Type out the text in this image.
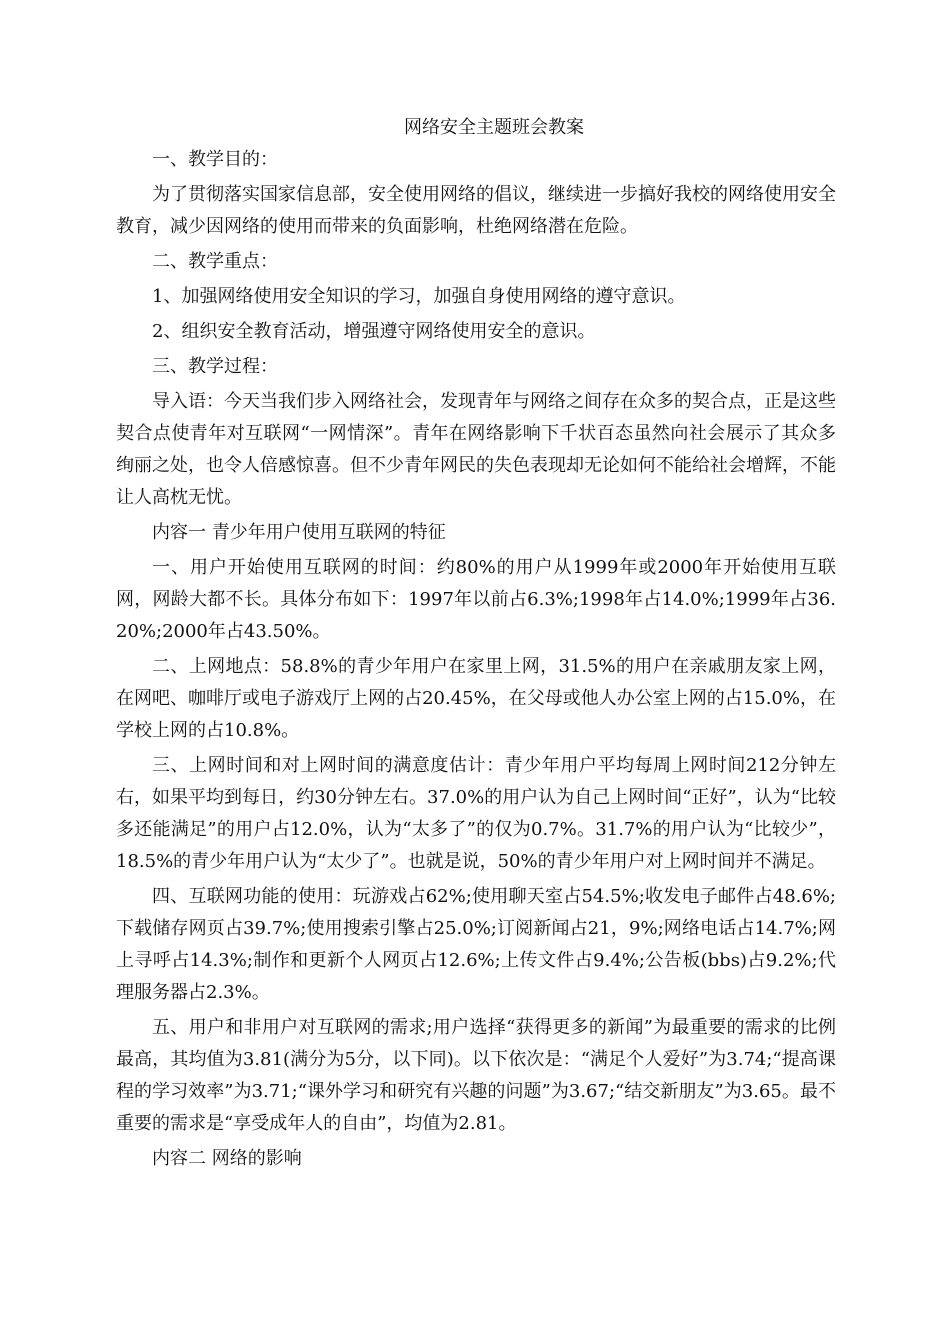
网络安全主题班会教案

一、教学目的：

为了贯彻落实国家信息部，安全使用网络的倡议，继续进一步搞好我校的网络使用安全教育，减少因网络的使用而带来的负面影响，杜绝网络潜在危险。

二、教学重点：

1、加强网络使用安全知识的学习，加强自身使用网络的遵守意识。

2、组织安全教育活动，增强遵守网络使用安全的意识。

三、教学过程：

导入语：今天当我们步入网络社会，发现青年与网络之间存在众多的契合点，正是这些契合点使青年对互联网“一网情深”。青年在网络影响下千状百态虽然向社会展示了其众多绚丽之处，也令人倍感惊喜。但不少青年网民的失色表现却无论如何不能给社会增辉，不能让人高枕无忧。

内容一 青少年用户使用互联网的特征

一、用户开始使用互联网的时间：约80%的用户从1999年或2000年开始使用互联网，网龄大都不长。具体分布如下：1997年以前占6.3%;1998年占14.0%;1999年占36.20%;2000年占43.50%。

二、上网地点：58.8%的青少年用户在家里上网，31.5%的用户在亲戚朋友家上网，在网吧、咖啡厅或电子游戏厅上网的占20.45%，在父母或他人办公室上网的占15.0%，在学校上网的占10.8%。

三、上网时间和对上网时间的满意度估计：青少年用户平均每周上网时间212分钟左右，如果平均到每日，约30分钟左右。37.0%的用户认为自己上网时间“正好”，认为“比较多还能满足”的用户占12.0%，认为“太多了”的仅为0.7%。31.7%的用户认为“比较少”，18.5%的青少年用户认为“太少了”。也就是说，50%的青少年用户对上网时间并不满足。

四、互联网功能的使用：玩游戏占62%;使用聊天室占54.5%;收发电子邮件占48.6%;下载储存网页占39.7%;使用搜索引擎占25.0%;订阅新闻占21，9%;网络电话占14.7%;网上寻呼占14.3%;制作和更新个人网页占12.6%;上传文件占9.4%;公告板(bbs)占9.2%;代理服务器占2.3%。

五、用户和非用户对互联网的需求;用户选择“获得更多的新闻”为最重要的需求的比例最高，其均值为3.81(满分为5分，以下同)。以下依次是：“满足个人爱好”为3.74;“提高课程的学习效率”为3.71;“课外学习和研究有兴趣的问题”为3.67;“结交新朋友”为3.65。最不重要的需求是“享受成年人的自由”，均值为2.81。

内容二 网络的影响
